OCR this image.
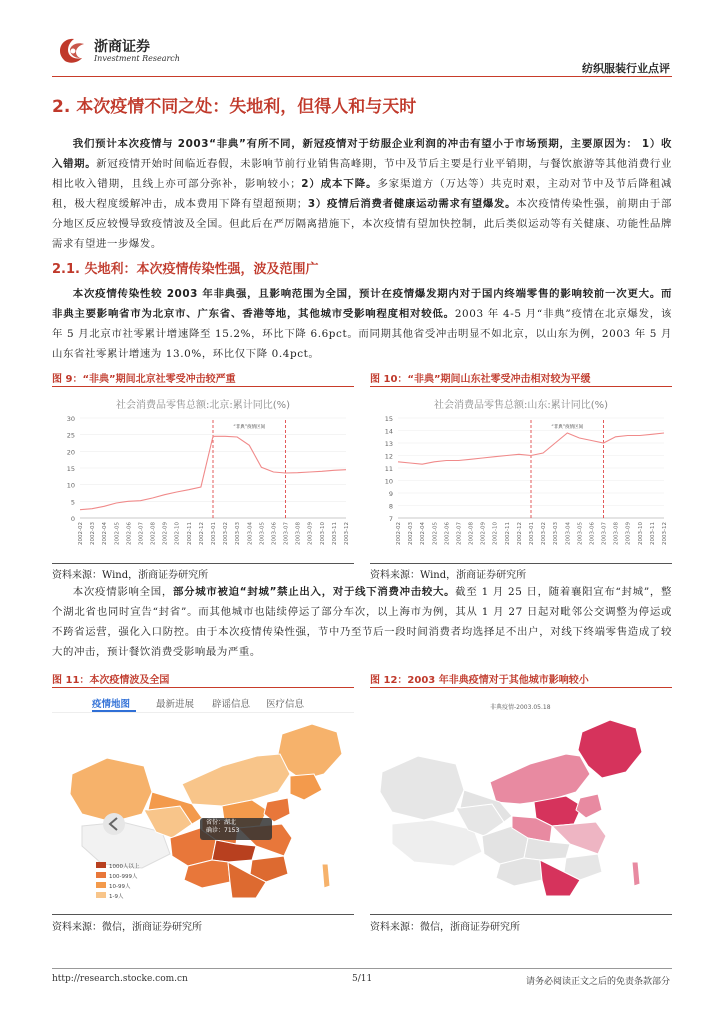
浙商证券
Investment Research
纺织服装行业点评
2. 本次疫情不同之处：失地利，但得人和与天时
我们预计本次疫情与 2003“非典”有所不同，新冠疫情对于纺服企业利润的冲击有望小于市场预期，主要原因为： 1）收入错期。新冠疫情开始时间临近春假，未影响节前行业销售高峰期，节中及节后主要是行业平销期，与餐饮旅游等其他消费行业相比收入错期，且线上亦可部分弥补，影响较小；2）成本下降。多家渠道方（万达等）共克时艰，主动对节中及节后降租减租，极大程度缓解冲击，成本费用下降有望超预期；3）疫情后消费者健康运动需求有望爆发。本次疫情传染性强，前期由于部分地区反应较慢导致疫情波及全国。但此后在严厉隔离措施下，本次疫情有望加快控制，此后类似运动等有关健康、功能性品牌需求有望进一步爆发。
2.1. 失地利：本次疫情传染性强，波及范围广
本次疫情传染性较 2003 年非典强，且影响范围为全国，预计在疫情爆发期内对于国内终端零售的影响较前一次更大。而非典主要影响省市为北京市、广东省、香港等地，其他城市受影响程度相对较低。2003 年 4-5 月“非典”疫情在北京爆发，该年 5 月北京市社零累计增速降至 15.2%，环比下降 6.6pct。而同期其他省受冲击明显不如北京，以山东为例，2003 年 5 月山东省社零累计增速为 13.0%，环比仅下降 0.4pct。
图 9：“非典”期间北京社零受冲击较严重	图 10：“非典”期间山东社零受冲击相对较为平缓
社会消费品零售总额:北京:累计同比(%)
0
5
10
15
20
25
30
2002-02 2002-03 2002-04 2002-05 2002-06 2002-07 2002-08 2002-09 2002-10 2002-11 2002-12 2003-01 2003-02 2003-03 2003-04 2003-05 2003-06 2003-07 2003-08 2003-09 2003-10 2003-11 2003-12
“非典”疫情区间
社会消费品零售总额:山东:累计同比(%)
7
8
9
10
11
12
13
14
15
2002-02 2002-03 2002-04 2002-05 2002-06 2002-07 2002-08 2002-09 2002-10 2002-11 2002-12 2003-01 2003-02 2003-03 2003-04 2003-05 2003-06 2003-07 2003-08 2003-09 2003-10 2003-11 2003-12
“非典”疫情区间
资料来源：Wind，浙商证券研究所	资料来源：Wind，浙商证券研究所
本次疫情影响全国，部分城市被迫“封城”禁止出入，对于线下消费冲击较大。截至 1 月 25 日，随着襄阳宣布“封城”，整个湖北省也同时宣告“封省”。而其他城市也陆续停运了部分车次，以上海市为例，其从 1 月 27 日起对毗邻公交调整为停运或不跨省运营，强化入口防控。由于本次疫情传染性强，节中乃至节后一段时间消费者均选择足不出户，对线下终端零售造成了较大的冲击，预计餐饮消费受影响最为严重。
图 11：本次疫情波及全国	图 12：2003 年非典疫情对于其他城市影响较小
疫情地图	最新进展 辟谣信息 医疗信息
省份：湖北
确诊：7153
1000人以上
100-999人
10-99人
1-9人
非典疫情-2003.05.18
资料来源：微信，浙商证券研究所	资料来源：微信，浙商证券研究所
http://research.stocke.com.cn	5/11	请务必阅读正文之后的免责条款部分
